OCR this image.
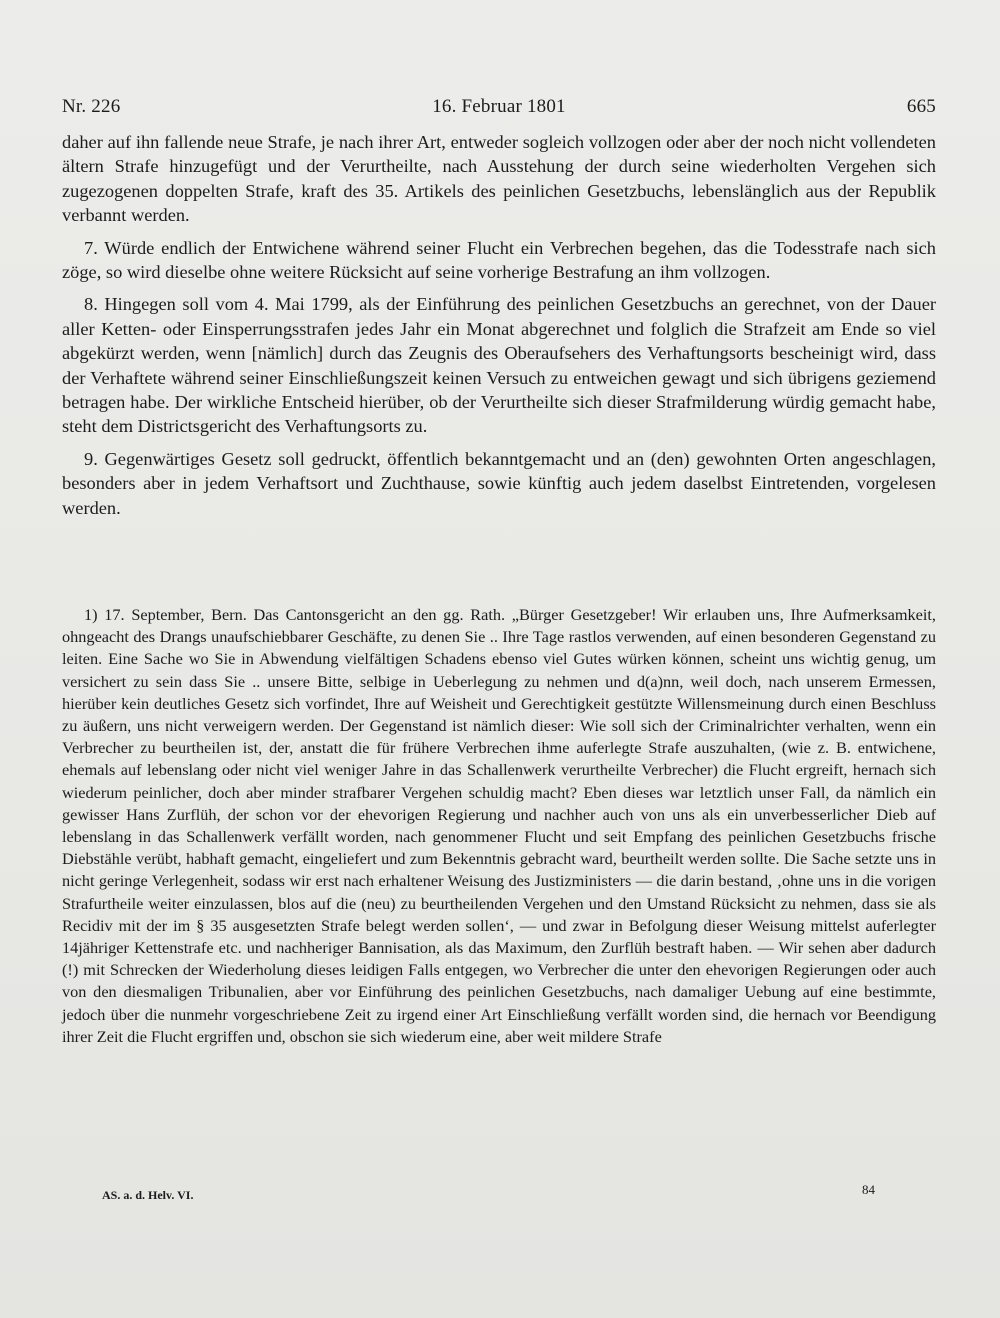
Nr. 226	16. Februar 1801	665

daher auf ihn fallende neue Strafe, je nach ihrer Art, entweder sogleich vollzogen oder aber der noch nicht vollendeten ältern Strafe hinzugefügt und der Verurtheilte, nach Ausstehung der durch seine wiederholten Vergehen sich zugezogenen doppelten Strafe, kraft des 35. Artikels des peinlichen Gesetzbuchs, lebenslänglich aus der Republik verbannt werden.

7. Würde endlich der Entwichene während seiner Flucht ein Verbrechen begehen, das die Todesstrafe nach sich zöge, so wird dieselbe ohne weitere Rücksicht auf seine vorherige Bestrafung an ihm vollzogen.

8. Hingegen soll vom 4. Mai 1799, als der Einführung des peinlichen Gesetzbuchs an gerechnet, von der Dauer aller Ketten- oder Einsperrungsstrafen jedes Jahr ein Monat abgerechnet und folglich die Strafzeit am Ende so viel abgekürzt werden, wenn [nämlich] durch das Zeugnis des Oberaufsehers des Verhaftungsorts bescheinigt wird, dass der Verhaftete während seiner Einschließungszeit keinen Versuch zu entweichen gewagt und sich übrigens geziemend betragen habe. Der wirkliche Entscheid hierüber, ob der Verurtheilte sich dieser Strafmilderung würdig gemacht habe, steht dem Districtsgericht des Verhaftungsorts zu.

9. Gegenwärtiges Gesetz soll gedruckt, öffentlich bekanntgemacht und an (den) gewohnten Orten angeschlagen, besonders aber in jedem Verhaftsort und Zuchthause, sowie künftig auch jedem daselbst Eintretenden, vorgelesen werden.

1) 17. September, Bern. Das Cantonsgericht an den gg. Rath. „Bürger Gesetzgeber! Wir erlauben uns, Ihre Aufmerksamkeit, ohngeacht des Drangs unaufschiebbarer Geschäfte, zu denen Sie .. Ihre Tage rastlos verwenden, auf einen besonderen Gegenstand zu leiten. Eine Sache wo Sie in Abwendung vielfältigen Schadens ebenso viel Gutes würken können, scheint uns wichtig genug, um versichert zu sein dass Sie .. unsere Bitte, selbige in Ueberlegung zu nehmen und d(a)nn, weil doch, nach unserem Ermessen, hierüber kein deutliches Gesetz sich vorfindet, Ihre auf Weisheit und Gerechtigkeit gestützte Willensmeinung durch einen Beschluss zu äußern, uns nicht verweigern werden. Der Gegenstand ist nämlich dieser: Wie soll sich der Criminalrichter verhalten, wenn ein Verbrecher zu beurtheilen ist, der, anstatt die für frühere Verbrechen ihme auferlegte Strafe auszuhalten, (wie z. B. entwichene, ehemals auf lebenslang oder nicht viel weniger Jahre in das Schallenwerk verurtheilte Verbrecher) die Flucht ergreift, hernach sich wiederum peinlicher, doch aber minder strafbarer Vergehen schuldig macht? Eben dieses war letztlich unser Fall, da nämlich ein gewisser Hans Zurflüh, der schon vor der ehevorigen Regierung und nachher auch von uns als ein unverbesserlicher Dieb auf lebenslang in das Schallenwerk verfällt worden, nach genommener Flucht und seit Empfang des peinlichen Gesetzbuchs frische Diebstähle verübt, habhaft gemacht, eingeliefert und zum Bekenntnis gebracht ward, beurtheilt werden sollte. Die Sache setzte uns in nicht geringe Verlegenheit, sodass wir erst nach erhaltener Weisung des Justizministers — die darin bestand, ‚ohne uns in die vorigen Strafurtheile weiter einzulassen, blos auf die (neu) zu beurtheilenden Vergehen und den Umstand Rücksicht zu nehmen, dass sie als Recidiv mit der im § 35 ausgesetzten Strafe belegt werden sollen‘, — und zwar in Befolgung dieser Weisung mittelst auferlegter 14jähriger Kettenstrafe etc. und nachheriger Bannisation, als das Maximum, den Zurflüh bestraft haben. — Wir sehen aber dadurch (!) mit Schrecken der Wiederholung dieses leidigen Falls entgegen, wo Verbrecher die unter den ehevorigen Regierungen oder auch von den diesmaligen Tribunalien, aber vor Einführung des peinlichen Gesetzbuchs, nach damaliger Uebung auf eine bestimmte, jedoch über die nunmehr vorgeschriebene Zeit zu irgend einer Art Einschließung verfällt worden sind, die hernach vor Beendigung ihrer Zeit die Flucht ergriffen und, obschon sie sich wiederum eine, aber weit mildere Strafe

AS. a. d. Helv. VI.	84
